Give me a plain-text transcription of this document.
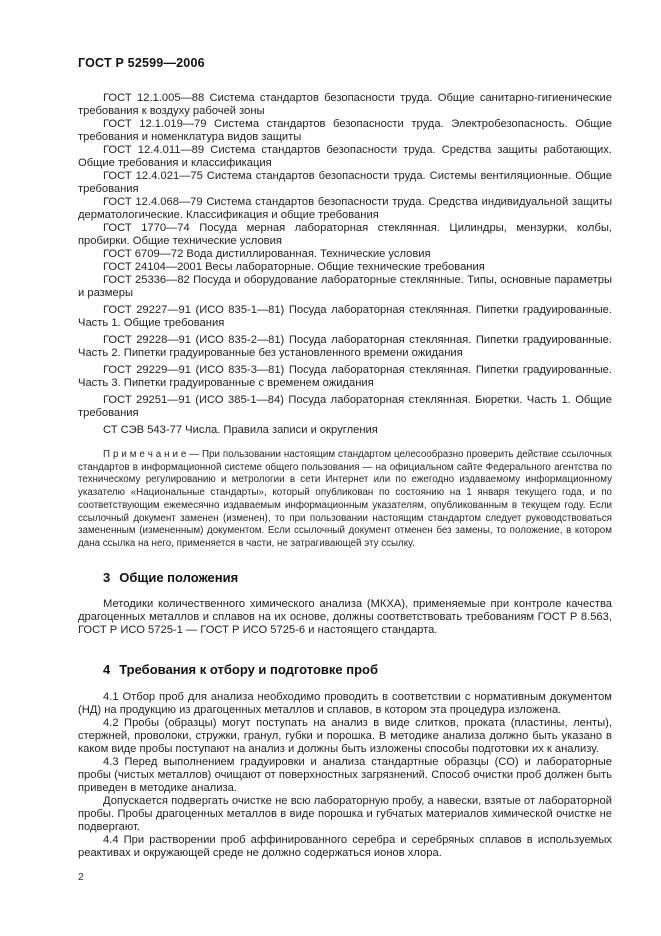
ГОСТ Р 52599—2006

ГОСТ 12.1.005—88 Система стандартов безопасности труда. Общие санитарно-гигиенические требования к воздуху рабочей зоны

ГОСТ 12.1.019—79 Система стандартов безопасности труда. Электробезопасность. Общие требования и номенклатура видов защиты

ГОСТ 12.4.011—89 Система стандартов безопасности труда. Средства защиты работающих. Общие требования и классификация

ГОСТ 12.4.021—75 Система стандартов безопасности труда. Системы вентиляционные. Общие требования

ГОСТ 12.4.068—79 Система стандартов безопасности труда. Средства индивидуальной защиты дерматологические. Классификация и общие требования

ГОСТ 1770—74 Посуда мерная лабораторная стеклянная. Цилиндры, мензурки, колбы, пробирки. Общие технические условия

ГОСТ 6709—72 Вода дистиллированная. Технические условия

ГОСТ 24104—2001 Весы лабораторные. Общие технические требования

ГОСТ 25336—82 Посуда и оборудование лабораторные стеклянные. Типы, основные параметры и размеры

ГОСТ 29227—91 (ИСО 835-1—81) Посуда лабораторная стеклянная. Пипетки градуированные. Часть 1. Общие требования

ГОСТ 29228—91 (ИСО 835-2—81) Посуда лабораторная стеклянная. Пипетки градуированные. Часть 2. Пипетки градуированные без установленного времени ожидания

ГОСТ 29229—91 (ИСО 835-3—81) Посуда лабораторная стеклянная. Пипетки градуированные. Часть 3. Пипетки градуированные с временем ожидания

ГОСТ 29251—91 (ИСО 385-1—84) Посуда лабораторная стеклянная. Бюретки. Часть 1. Общие требования

СТ СЭВ 543-77 Числа. Правила записи и округления

П р и м е ч а н и е — При пользовании настоящим стандартом целесообразно проверить действие ссылочных стандартов в информационной системе общего пользования — на официальном сайте Федерального агентства по техническому регулированию и метрологии в сети Интернет или по ежегодно издаваемому информационному указателю «Национальные стандарты», который опубликован по состоянию на 1 января текущего года, и по соответствующим ежемесячно издаваемым информационным указателям, опубликованным в текущем году. Если ссылочный документ заменен (изменен), то при пользовании настоящим стандартом следует руководствоваться замененным (измененным) документом. Если ссылочный документ отменен без замены, то положение, в котором дана ссылка на него, применяется в части, не затрагивающей эту ссылку.

3 Общие положения

Методики количественного химического анализа (МКХА), применяемые при контроле качества драгоценных металлов и сплавов на их основе, должны соответствовать требованиям ГОСТ Р 8.563, ГОСТ Р ИСО 5725-1 — ГОСТ Р ИСО 5725-6 и настоящего стандарта.

4 Требования к отбору и подготовке проб

4.1 Отбор проб для анализа необходимо проводить в соответствии с нормативным документом (НД) на продукцию из драгоценных металлов и сплавов, в котором эта процедура изложена.

4.2 Пробы (образцы) могут поступать на анализ в виде слитков, проката (пластины, ленты), стержней, проволоки, стружки, гранул, губки и порошка. В методике анализа должно быть указано в каком виде пробы поступают на анализ и должны быть изложены способы подготовки их к анализу.

4.3 Перед выполнением градуировки и анализа стандартные образцы (СО) и лабораторные пробы (чистых металлов) очищают от поверхностных загрязнений. Способ очистки проб должен быть приведен в методике анализа.

Допускается подвергать очистке не всю лабораторную пробу, а навески, взятые от лабораторной пробы. Пробы драгоценных металлов в виде порошка и губчатых материалов химической очистке не подвергают.

4.4 При растворении проб аффинированного серебра и серебряных сплавов в используемых реактивах и окружающей среде не должно содержаться ионов хлора.

2
